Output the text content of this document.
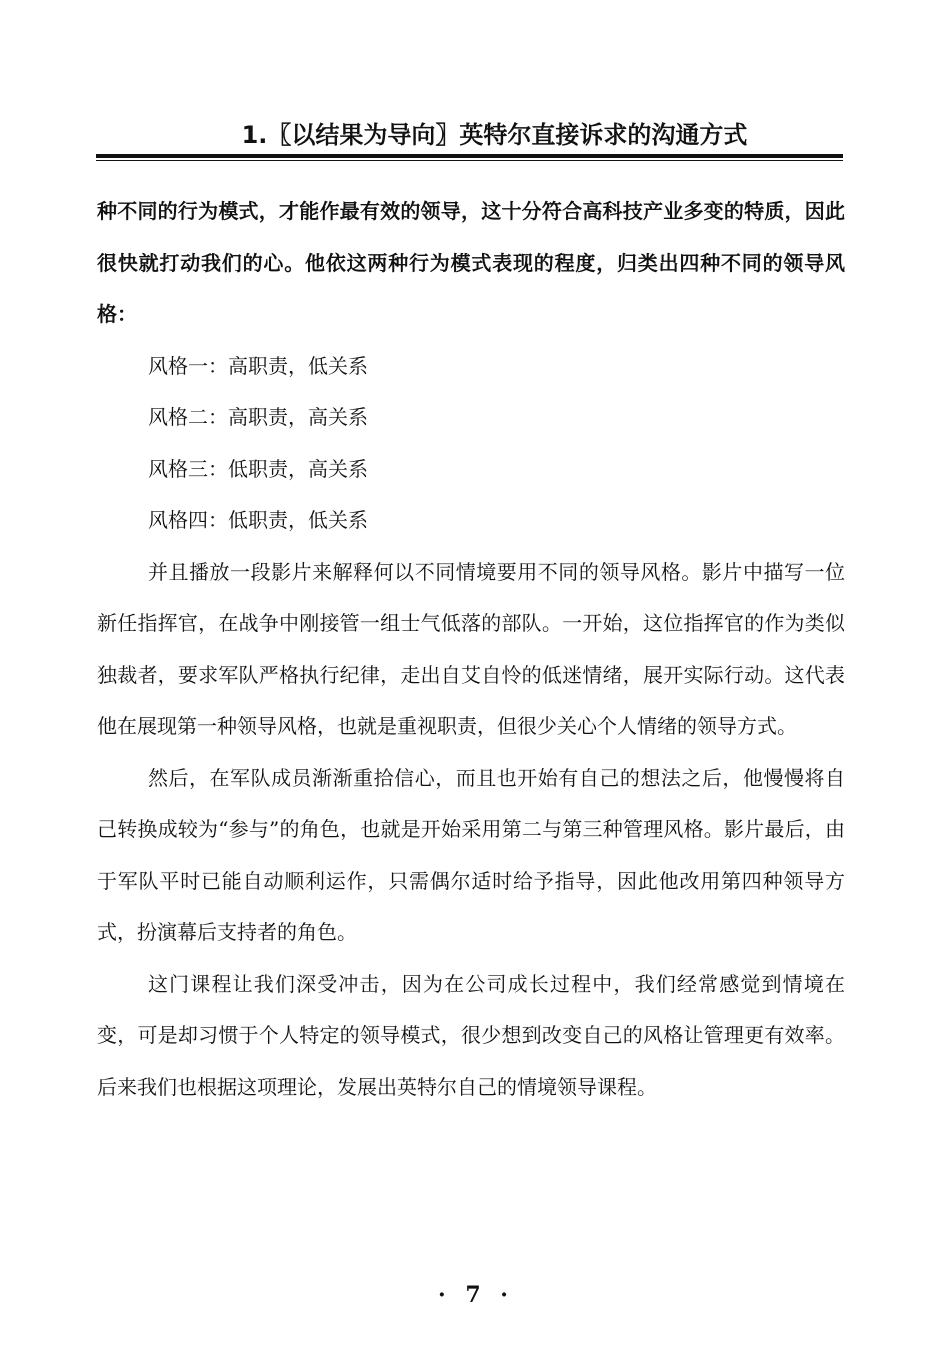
1.〖以结果为导向〗英特尔直接诉求的沟通方式

种不同的行为模式，才能作最有效的领导，这十分符合高科技产业多变的特质，因此很快就打动我们的心。他依这两种行为模式表现的程度，归类出四种不同的领导风格：

风格一：高职责，低关系

风格二：高职责，高关系

风格三：低职责，高关系

风格四：低职责，低关系

并且播放一段影片来解释何以不同情境要用不同的领导风格。影片中描写一位新任指挥官，在战争中刚接管一组士气低落的部队。一开始，这位指挥官的作为类似独裁者，要求军队严格执行纪律，走出自艾自怜的低迷情绪，展开实际行动。这代表他在展现第一种领导风格，也就是重视职责，但很少关心个人情绪的领导方式。

然后，在军队成员渐渐重拾信心，而且也开始有自己的想法之后，他慢慢将自己转换成较为“参与”的角色，也就是开始采用第二与第三种管理风格。影片最后，由于军队平时已能自动顺利运作，只需偶尔适时给予指导，因此他改用第四种领导方式，扮演幕后支持者的角色。

这门课程让我们深受冲击，因为在公司成长过程中，我们经常感觉到情境在变，可是却习惯于个人特定的领导模式，很少想到改变自己的风格让管理更有效率。后来我们也根据这项理论，发展出英特尔自己的情境领导课程。

· 7 ·
